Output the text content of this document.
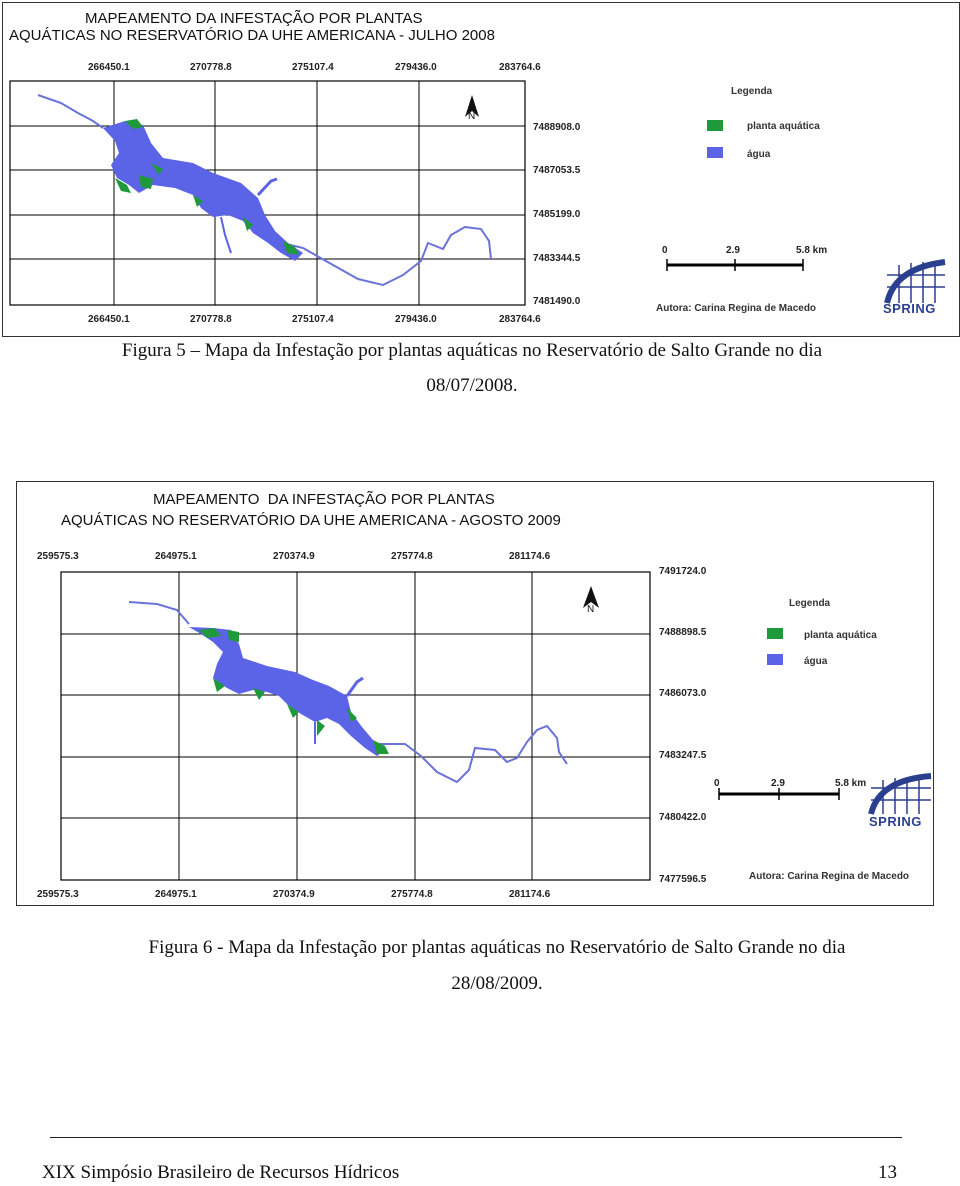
MAPEAMENTO DA INFESTAÇÃO POR PLANTAS
AQUÁTICAS NO RESERVATÓRIO DA UHE AMERICANA - JULHO 2008
266450.1	270778.8	275107.4	279436.0	283764.6
266450.1	270778.8	275107.4	279436.0	283764.6
7488908.0
7487053.5
7485199.0
7483344.5
7481490.0
N
Legenda
planta aquática
água
0	2.9	5.8 km
Autora: Carina Regina de Macedo	SPRING
Figura 5 – Mapa da Infestação por plantas aquáticas no Reservatório de Salto Grande no dia
08/07/2008.
MAPEAMENTO  DA INFESTAÇÃO POR PLANTAS
AQUÁTICAS NO RESERVATÓRIO DA UHE AMERICANA - AGOSTO 2009
259575.3	264975.1	270374.9	275774.8	281174.6
259575.3	264975.1	270374.9	275774.8	281174.6
7491724.0
7488898.5
7486073.0
7483247.5
7480422.0
7477596.5
N
Legenda
planta aquática
água
0	2.9	5.8 km
Autora: Carina Regina de Macedo
SPRING
Figura 6 - Mapa da Infestação por plantas aquáticas no Reservatório de Salto Grande no dia
28/08/2009.
XIX Simpósio Brasileiro de Recursos Hídricos	13
